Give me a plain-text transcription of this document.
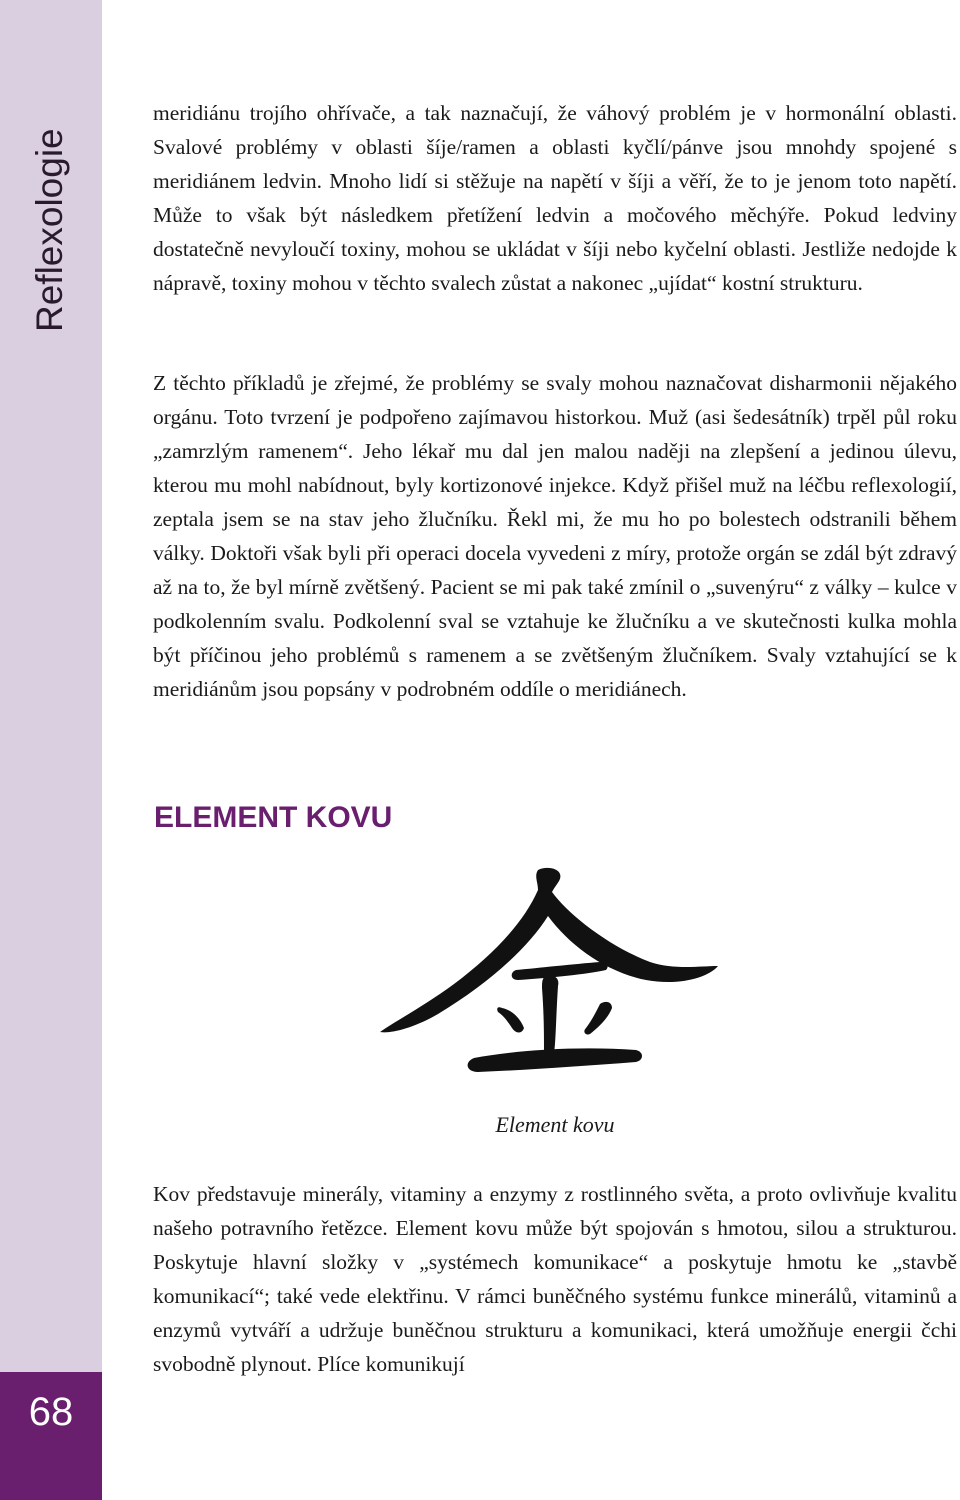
Reflexologie
68

meridiánu trojího ohřívače, a tak naznačují, že váhový problém je v hormonální oblasti. Svalové problémy v oblasti šíje/ramen a oblasti kyčlí/pánve jsou mnohdy spojené s meridiánem ledvin. Mnoho lidí si stěžuje na napětí v šíji a věří, že to je jenom toto napětí. Může to však být následkem přetížení ledvin a močového měchýře. Pokud ledviny dostatečně nevyloučí toxiny, mohou se ukládat v šíji nebo kyčelní oblasti. Jestliže nedojde k nápravě, toxiny mohou v těchto svalech zůstat a nakonec „ujídat“ kostní strukturu.

Z těchto příkladů je zřejmé, že problémy se svaly mohou naznačovat disharmonii nějakého orgánu. Toto tvrzení je podpořeno zajímavou historkou. Muž (asi šedesátník) trpěl půl roku „zamrzlým ramenem“. Jeho lékař mu dal jen malou naději na zlepšení a jedinou úlevu, kterou mu mohl nabídnout, byly kortizonové injekce. Když přišel muž na léčbu reflexologií, zeptala jsem se na stav jeho žlučníku. Řekl mi, že mu ho po bolestech odstranili během války. Doktoři však byli při operaci docela vyvedeni z míry, protože orgán se zdál být zdravý až na to, že byl mírně zvětšený. Pacient se mi pak také zmínil o „suvenýru“ z války – kulce v podkolenním svalu. Podkolenní sval se vztahuje ke žlučníku a ve skutečnosti kulka mohla být příčinou jeho problémů s ramenem a se zvětšeným žlučníkem. Svaly vztahující se k meridiánům jsou popsány v podrobném oddíle o meridiánech.

ELEMENT KOVU

Element kovu

Kov představuje minerály, vitaminy a enzymy z rostlinného světa, a proto ovlivňuje kvalitu našeho potravního řetězce. Element kovu může být spojován s hmotou, silou a strukturou. Poskytuje hlavní složky v „systémech komunikace“ a poskytuje hmotu ke „stavbě komunikací“; také vede elektřinu. V rámci buněčného systému funkce minerálů, vitaminů a enzymů vytváří a udržuje buněčnou strukturu a komunikaci, která umožňuje energii čchi svobodně plynout. Plíce komunikují
